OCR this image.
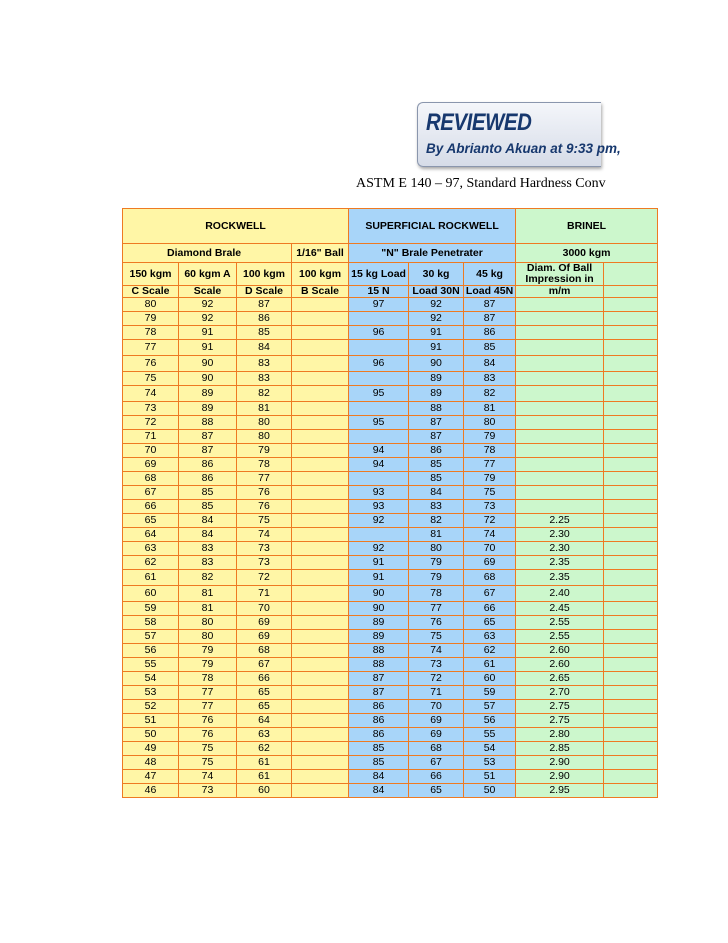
REVIEWED
By Abrianto Akuan at 9:33 pm,
ASTM E 140 – 97, Standard Hardness Conv
ROCKWELL				SUPERFICIAL ROCKWELL			BRINEL	
Diamond Brale			1/16" Ball	"N" Brale Penetrater			3000 kgm	
150 kgm	60 kgm A	100 kgm	100 kgm	15 kg Load	30 kg	45 kg	Diam. Of Ball
Impression in	

C Scale	Scale	D Scale	B Scale	15 N	Load 30N	Load 45N	m/m	
80	92	87		97	92	87		
79	92	86			92	87		
78	91	85		96	91	86		
77	91	84			91	85		
76	90	83		96	90	84		
75	90	83			89	83		
74	89	82		95	89	82		
73	89	81			88	81		
72	88	80		95	87	80		
71	87	80			87	79		
70	87	79		94	86	78		
69	86	78		94	85	77		
68	86	77			85	79		
67	85	76		93	84	75		
66	85	76		93	83	73		
65	84	75		92	82	72	2.25	
64	84	74			81	74	2.30	
63	83	73		92	80	70	2.30	
62	83	73		91	79	69	2.35	
61	82	72		91	79	68	2.35	
60	81	71		90	78	67	2.40	
59	81	70		90	77	66	2.45	
58	80	69		89	76	65	2.55	
57	80	69		89	75	63	2.55	
56	79	68		88	74	62	2.60	
55	79	67		88	73	61	2.60	
54	78	66		87	72	60	2.65	
53	77	65		87	71	59	2.70	
52	77	65		86	70	57	2.75	
51	76	64		86	69	56	2.75	
50	76	63		86	69	55	2.80	
49	75	62		85	68	54	2.85	
48	75	61		85	67	53	2.90	
47	74	61		84	66	51	2.90	
46	73	60		84	65	50	2.95	
